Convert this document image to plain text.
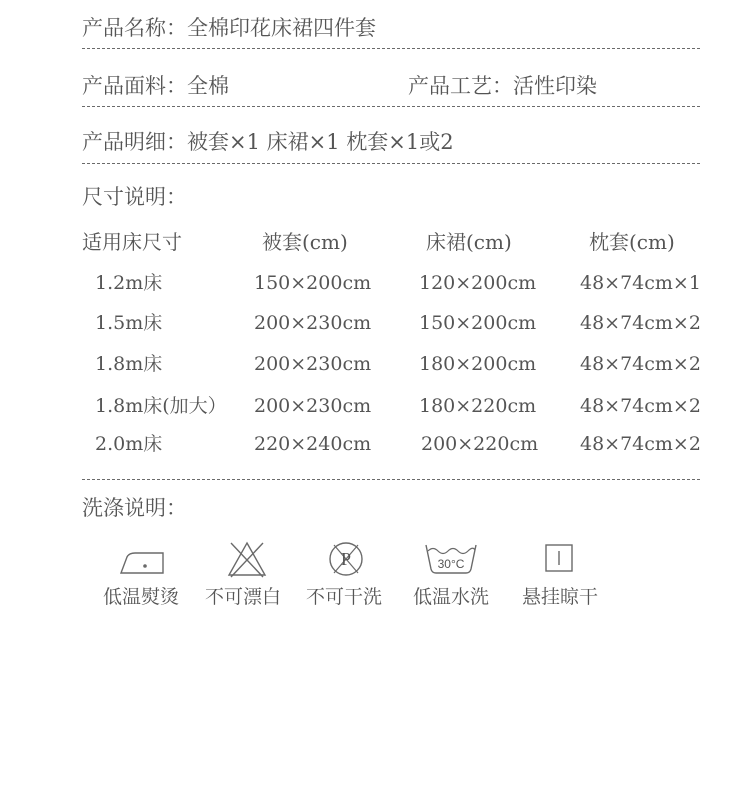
产品名称：全棉印花床裙四件套
产品面料：全棉	产品工艺：活性印染
产品明细：被套×1 床裙×1 枕套×1或2
尺寸说明：
适用床尺寸	被套(cm)	床裙(cm)	枕套(cm)
1.2m床	150×200cm	120×200cm 48×74cm×1
1.5m床	200×230cm	150×200cm 48×74cm×2
1.8m床	200×230cm	180×200cm 48×74cm×2
1.8m床(加大） 200×230cm	180×220cm 48×74cm×2
2.0m床	220×240cm	200×220cm 48×74cm×2
洗涤说明：
低温熨烫 不可漂白
P
不可干洗
30°C
低温水洗 悬挂晾干
